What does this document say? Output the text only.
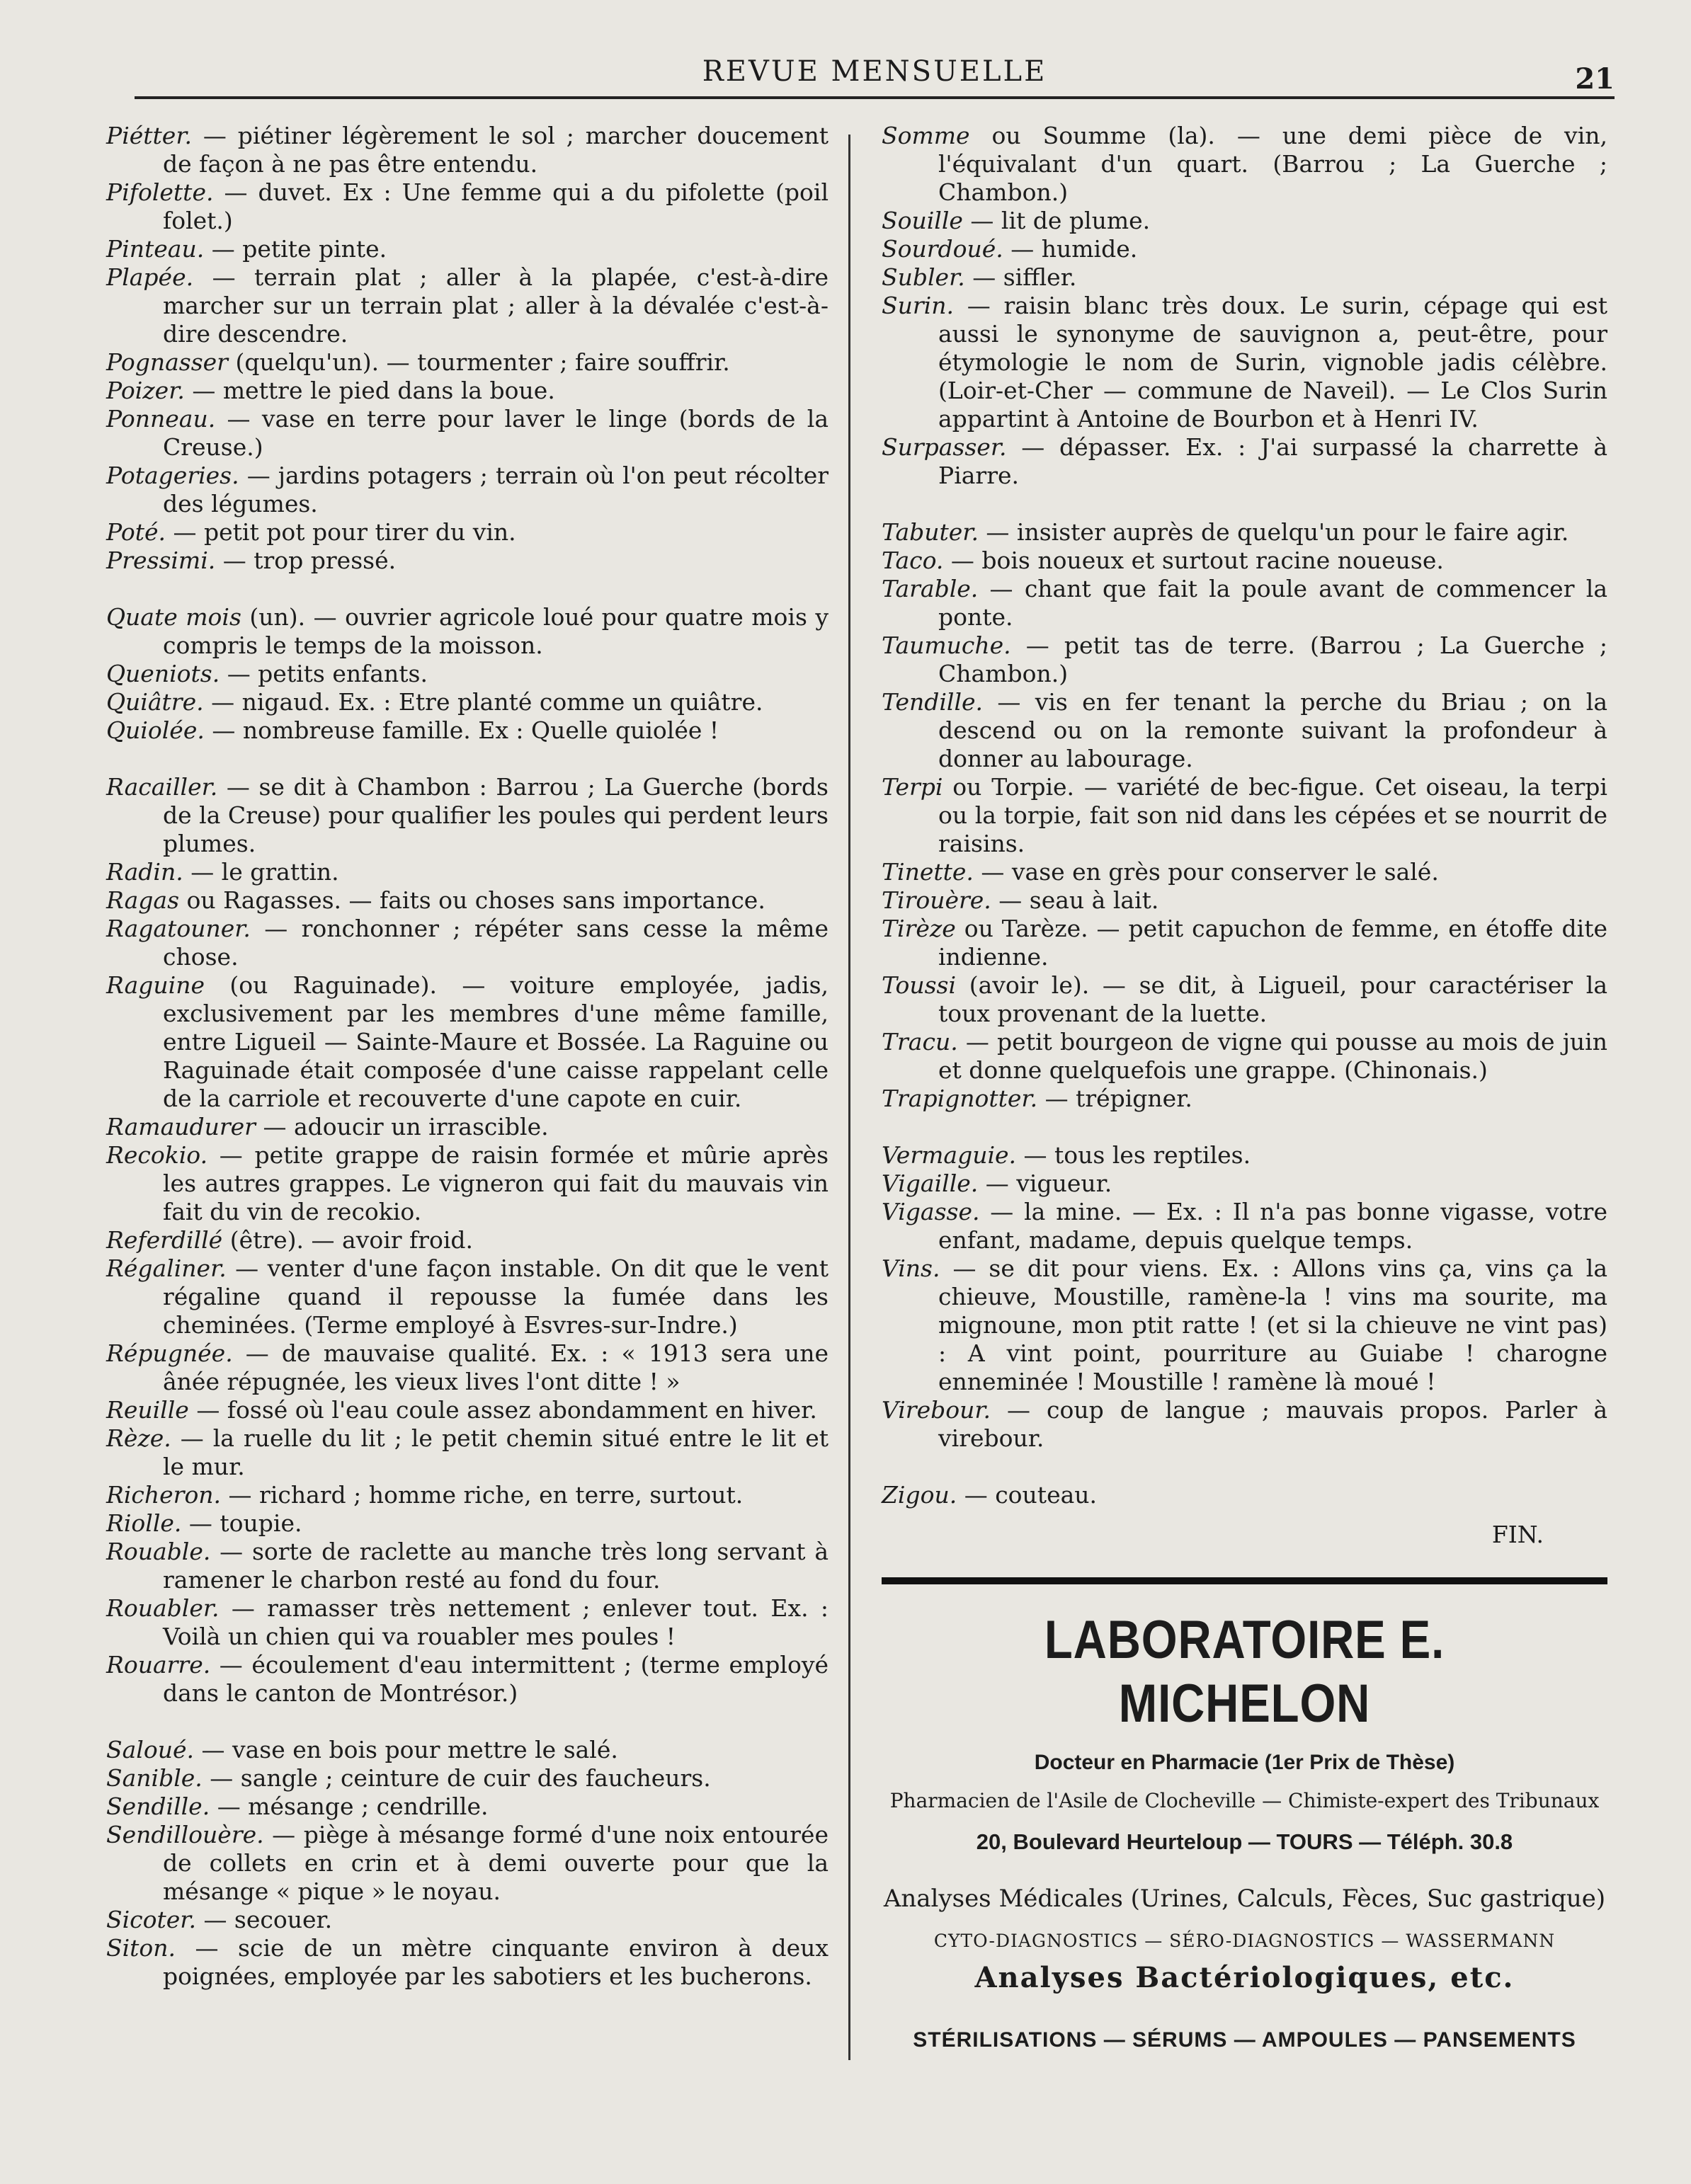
REVUE MENSUELLE	21

Piétter. — piétiner légèrement le sol ; marcher doucement de façon à ne pas être entendu.

Pifolette. — duvet. Ex : Une femme qui a du pifolette (poil folet.)

Pinteau. — petite pinte.

Plapée. — terrain plat ; aller à la plapée, c'est-à-dire marcher sur un terrain plat ; aller à la dévalée c'est-à-dire descendre.

Pognasser (quelqu'un). — tourmenter ; faire souffrir.

Poizer. — mettre le pied dans la boue.

Ponneau. — vase en terre pour laver le linge (bords de la Creuse.)

Potageries. — jardins potagers ; terrain où l'on peut récolter des légumes.

Poté. — petit pot pour tirer du vin.

Pressimi. — trop pressé.

Quate mois (un). — ouvrier agricole loué pour quatre mois y compris le temps de la moisson.

Queniots. — petits enfants.

Quiâtre. — nigaud. Ex. : Etre planté comme un quiâtre.

Quiolée. — nombreuse famille. Ex : Quelle quiolée !

Racailler. — se dit à Chambon : Barrou ; La Guerche (bords de la Creuse) pour qualifier les poules qui perdent leurs plumes.

Radin. — le grattin.

Ragas ou Ragasses. — faits ou choses sans importance.

Ragatouner. — ronchonner ; répéter sans cesse la même chose.

Raguine (ou Raguinade). — voiture employée, jadis, exclusivement par les membres d'une même famille, entre Ligueil — Sainte-Maure et Bossée. La Raguine ou Raguinade était composée d'une caisse rappelant celle de la carriole et recouverte d'une capote en cuir.

Ramaudurer — adoucir un irrascible.

Recokio. — petite grappe de raisin formée et mûrie après les autres grappes. Le vigneron qui fait du mauvais vin fait du vin de recokio.

Referdillé (être). — avoir froid.

Régaliner. — venter d'une façon instable. On dit que le vent régaline quand il repousse la fumée dans les cheminées. (Terme employé à Esvres-sur-Indre.)

Répugnée. — de mauvaise qualité. Ex. : « 1913 sera une ânée répugnée, les vieux lives l'ont ditte ! »

Reuille — fossé où l'eau coule assez abondamment en hiver.

Rèze. — la ruelle du lit ; le petit chemin situé entre le lit et le mur.

Richeron. — richard ; homme riche, en terre, surtout.

Riolle. — toupie.

Rouable. — sorte de raclette au manche très long servant à ramener le charbon resté au fond du four.

Rouabler. — ramasser très nettement ; enlever tout. Ex. : Voilà un chien qui va rouabler mes poules !

Rouarre. — écoulement d'eau intermittent ; (terme employé dans le canton de Montrésor.)

Saloué. — vase en bois pour mettre le salé.

Sanible. — sangle ; ceinture de cuir des faucheurs.

Sendille. — mésange ; cendrille.

Sendillouère. — piège à mésange formé d'une noix entourée de collets en crin et à demi ouverte pour que la mésange « pique » le noyau.

Sicoter. — secouer.

Siton. — scie de un mètre cinquante environ à deux poignées, employée par les sabotiers et les bucherons.

Somme ou Soumme (la). — une demi pièce de vin, l'équivalant d'un quart. (Barrou ; La Guerche ; Chambon.)

Souille — lit de plume.

Sourdoué. — humide.

Subler. — siffler.

Surin. — raisin blanc très doux. Le surin, cépage qui est aussi le synonyme de sauvignon a, peut-être, pour étymologie le nom de Surin, vignoble jadis célèbre. (Loir-et-Cher — commune de Naveil). — Le Clos Surin appartint à Antoine de Bourbon et à Henri IV.

Surpasser. — dépasser. Ex. : J'ai surpassé la charrette à Piarre.

Tabuter. — insister auprès de quelqu'un pour le faire agir.

Taco. — bois noueux et surtout racine noueuse.

Tarable. — chant que fait la poule avant de commencer la ponte.

Taumuche. — petit tas de terre. (Barrou ; La Guerche ; Chambon.)

Tendille. — vis en fer tenant la perche du Briau ; on la descend ou on la remonte suivant la profondeur à donner au labourage.

Terpi ou Torpie. — variété de bec-figue. Cet oiseau, la terpi ou la torpie, fait son nid dans les cépées et se nourrit de raisins.

Tinette. — vase en grès pour conserver le salé.

Tirouère. — seau à lait.

Tirèze ou Tarèze. — petit capuchon de femme, en étoffe dite indienne.

Toussi (avoir le). — se dit, à Ligueil, pour caractériser la toux provenant de la luette.

Tracu. — petit bourgeon de vigne qui pousse au mois de juin et donne quelquefois une grappe. (Chinonais.)

Trapignotter. — trépigner.

Vermaguie. — tous les reptiles.

Vigaille. — vigueur.

Vigasse. — la mine. — Ex. : Il n'a pas bonne vigasse, votre enfant, madame, depuis quelque temps.

Vins. — se dit pour viens. Ex. : Allons vins ça, vins ça la chieuve, Moustille, ramène-la ! vins ma sourite, ma mignoune, mon ptit ratte ! (et si la chieuve ne vint pas) : A vint point, pourriture au Guiabe ! charogne enneminée ! Moustille ! ramène là moué !

Virebour. — coup de langue ; mauvais propos. Parler à virebour.

Zigou. — couteau.

FIN.
LABORATOIRE E. MICHELON
Docteur en Pharmacie (1er Prix de Thèse)
Pharmacien de l'Asile de Clocheville — Chimiste-expert des Tribunaux
20, Boulevard Heurteloup — TOURS — Téléph. 30.8
Analyses Médicales (Urines, Calculs, Fèces, Suc gastrique)
CYTO-DIAGNOSTICS — SÉRO-DIAGNOSTICS — WASSERMANN
Analyses Bactériologiques, etc.
STÉRILISATIONS — SÉRUMS — AMPOULES — PANSEMENTS
